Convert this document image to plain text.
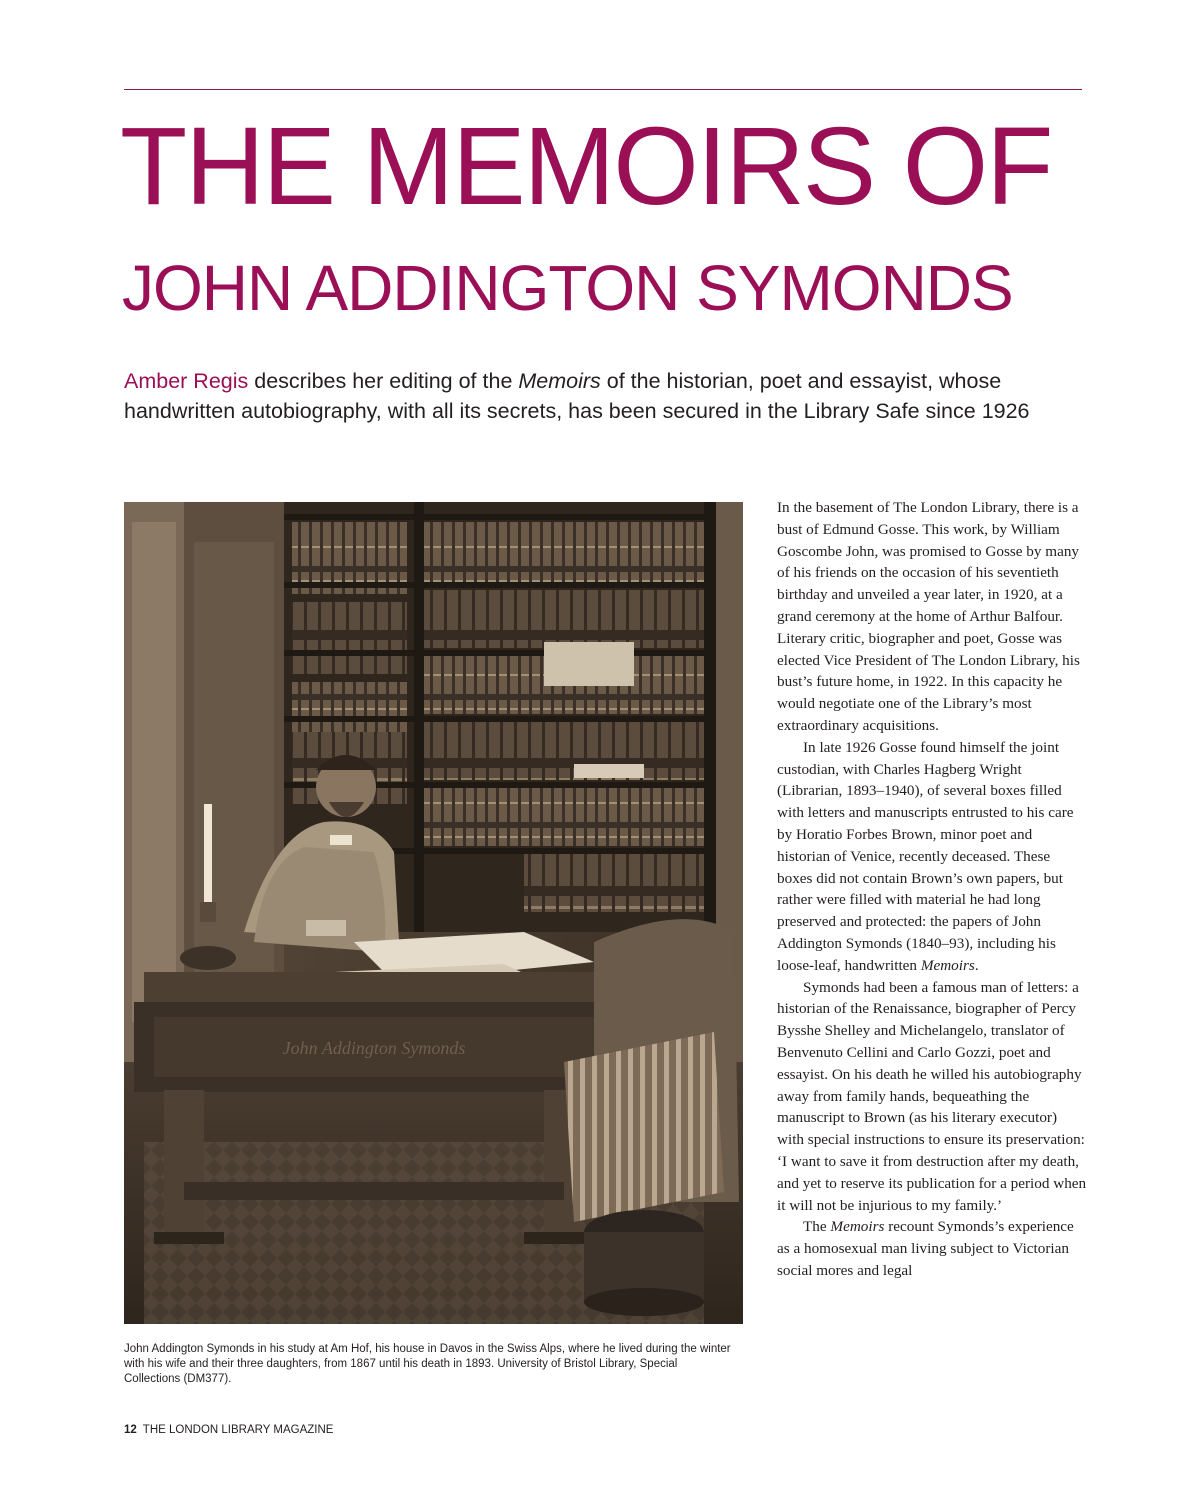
THE MEMOIRS OF
JOHN ADDINGTON SYMONDS

Amber Regis describes her editing of the Memoirs of the historian, poet and essayist, whose handwritten autobiography, with all its secrets, has been secured in the Library Safe since 1926

John Addington Symonds

John Addington Symonds in his study at Am Hof, his house in Davos in the Swiss Alps, where he lived during the winter with his wife and their three daughters, from 1867 until his death in 1893. University of Bristol Library, Special Collections (DM377).

In the basement of The London Library, there is a bust of Edmund Gosse. This work, by William Goscombe John, was promised to Gosse by many of his friends on the occasion of his seventieth birthday and unveiled a year later, in 1920, at a grand ceremony at the home of Arthur Balfour. Literary critic, biographer and poet, Gosse was elected Vice President of The London Library, his bust’s future home, in 1922. In this capacity he would negotiate one of the Library’s most extraordinary acquisitions.

In late 1926 Gosse found himself the joint custodian, with Charles Hagberg Wright (Librarian, 1893–1940), of several boxes filled with letters and manuscripts entrusted to his care by Horatio Forbes Brown, minor poet and historian of Venice, recently deceased. These boxes did not contain Brown’s own papers, but rather were filled with material he had long preserved and protected: the papers of John Addington Symonds (1840–93), including his loose-leaf, handwritten Memoirs.

Symonds had been a famous man of letters: a historian of the Renaissance, biographer of Percy Bysshe Shelley and Michelangelo, translator of Benvenuto Cellini and Carlo Gozzi, poet and essayist. On his death he willed his autobiography away from family hands, bequeathing the manuscript to Brown (as his literary executor) with special instructions to ensure its preservation: ‘I want to save it from destruction after my death, and yet to reserve its publication for a period when it will not be injurious to my family.’

The Memoirs recount Symonds’s experience as a homosexual man living subject to Victorian social mores and legal

12 THE LONDON LIBRARY MAGAZINE
